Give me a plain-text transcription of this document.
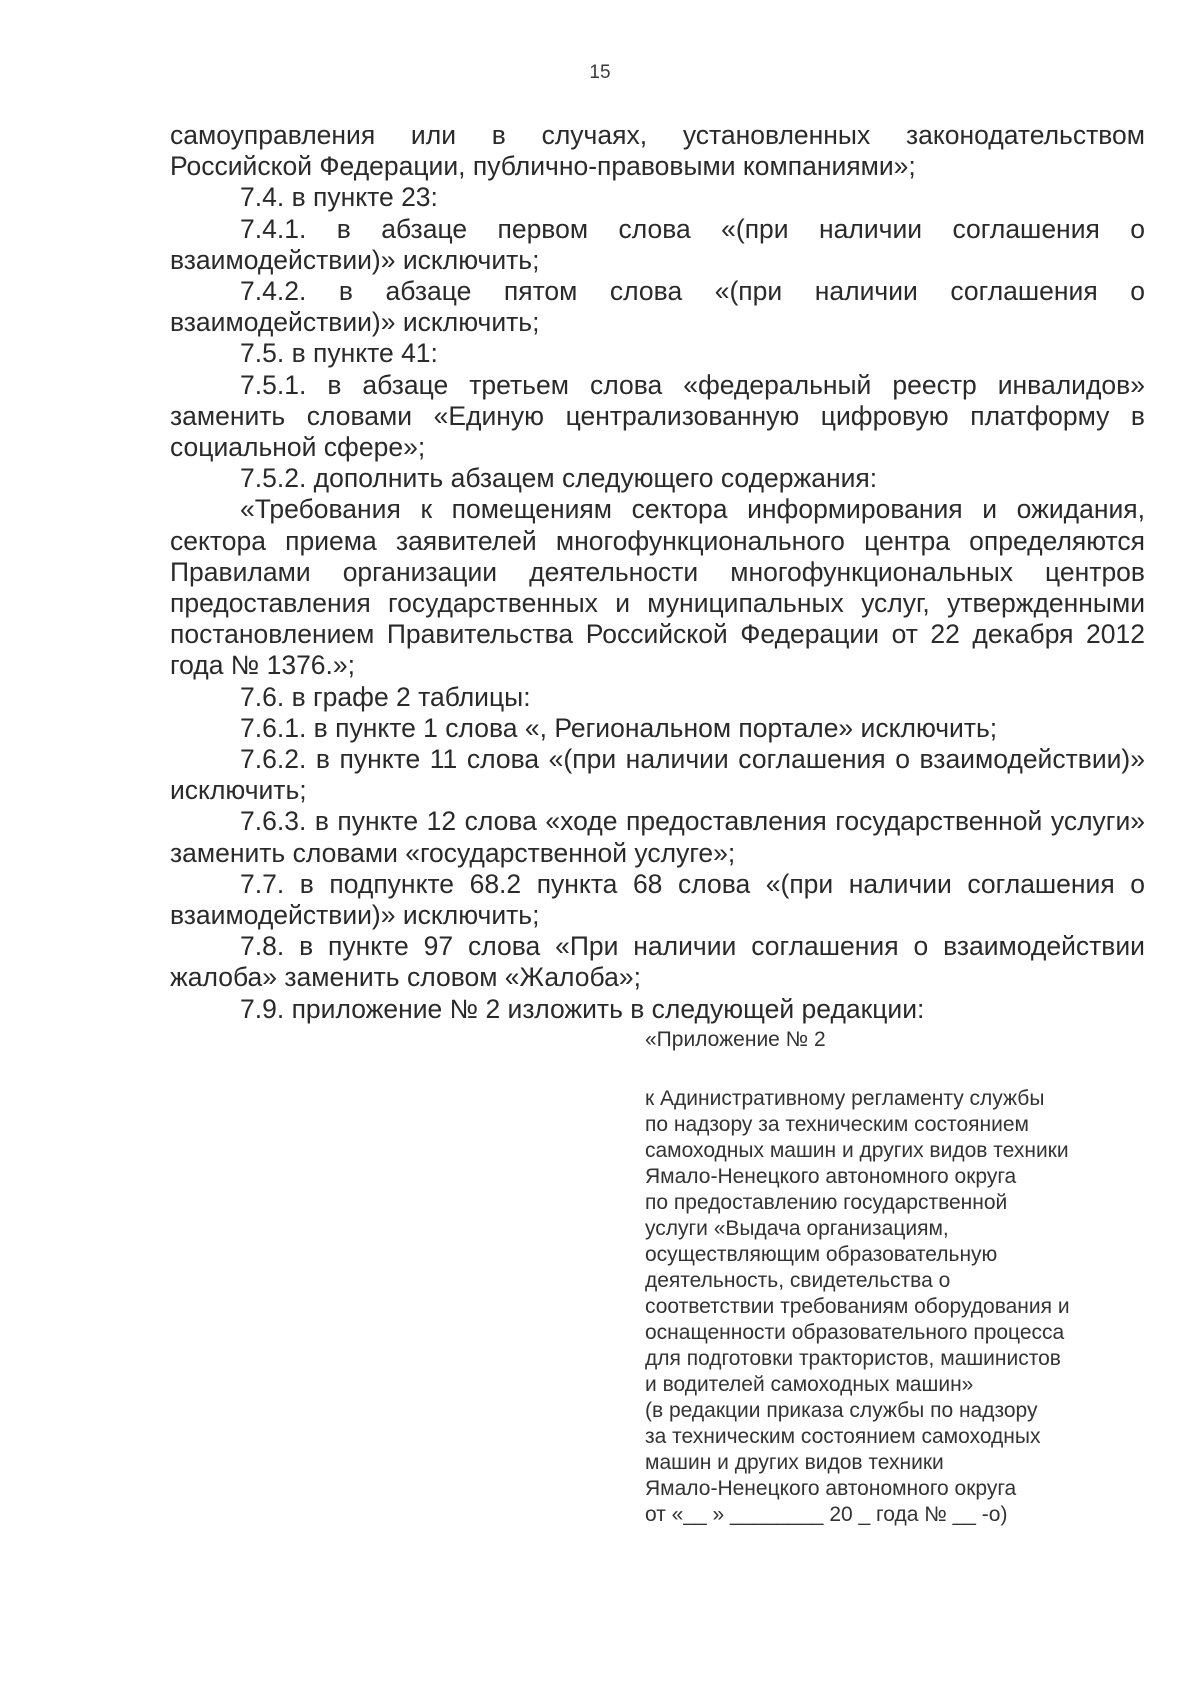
15

самоуправления или в случаях, установленных законодательством Российской Федерации, публично-правовыми компаниями»;

7.4. в пункте 23:

7.4.1. в абзаце первом слова «(при наличии соглашения о взаимодействии)» исключить;

7.4.2. в абзаце пятом слова «(при наличии соглашения о взаимодействии)» исключить;

7.5. в пункте 41:

7.5.1. в абзаце третьем слова «федеральный реестр инвалидов» заменить словами «Единую централизованную цифровую платформу в социальной сфере»;

7.5.2. дополнить абзацем следующего содержания:

«Требования к помещениям сектора информирования и ожидания, сектора приема заявителей многофункционального центра определяются Правилами организации деятельности многофункциональных центров предоставления государственных и муниципальных услуг, утвержденными постановлением Правительства Российской Федерации от 22 декабря 2012 года № 1376.»;

7.6. в графе 2 таблицы:

7.6.1. в пункте 1 слова «, Региональном портале» исключить;

7.6.2. в пункте 11 слова «(при наличии соглашения о взаимодействии)» исключить;

7.6.3. в пункте 12 слова «ходе предоставления государственной услуги» заменить словами «государственной услуге»;

7.7. в подпункте 68.2 пункта 68 слова «(при наличии соглашения о взаимодействии)» исключить;

7.8. в пункте 97 слова «При наличии соглашения о взаимодействии жалоба» заменить словом «Жалоба»;

7.9. приложение № 2 изложить в следующей редакции:

«Приложение № 2
к Адинистративному регламенту службы
по надзору за техническим состоянием
самоходных машин и других видов техники
Ямало-Ненецкого автономного округа
по предоставлению государственной
услуги «Выдача организациям,
осуществляющим образовательную
деятельность, свидетельства о
соответствии требованиям оборудования и
оснащенности образовательного процесса
для подготовки трактористов, машинистов
и водителей самоходных машин»
(в редакции приказа службы по надзору
за техническим состоянием самоходных
машин и других видов техники
Ямало-Ненецкого автономного округа
от «__ » ________ 20 _ года № __ -о)
